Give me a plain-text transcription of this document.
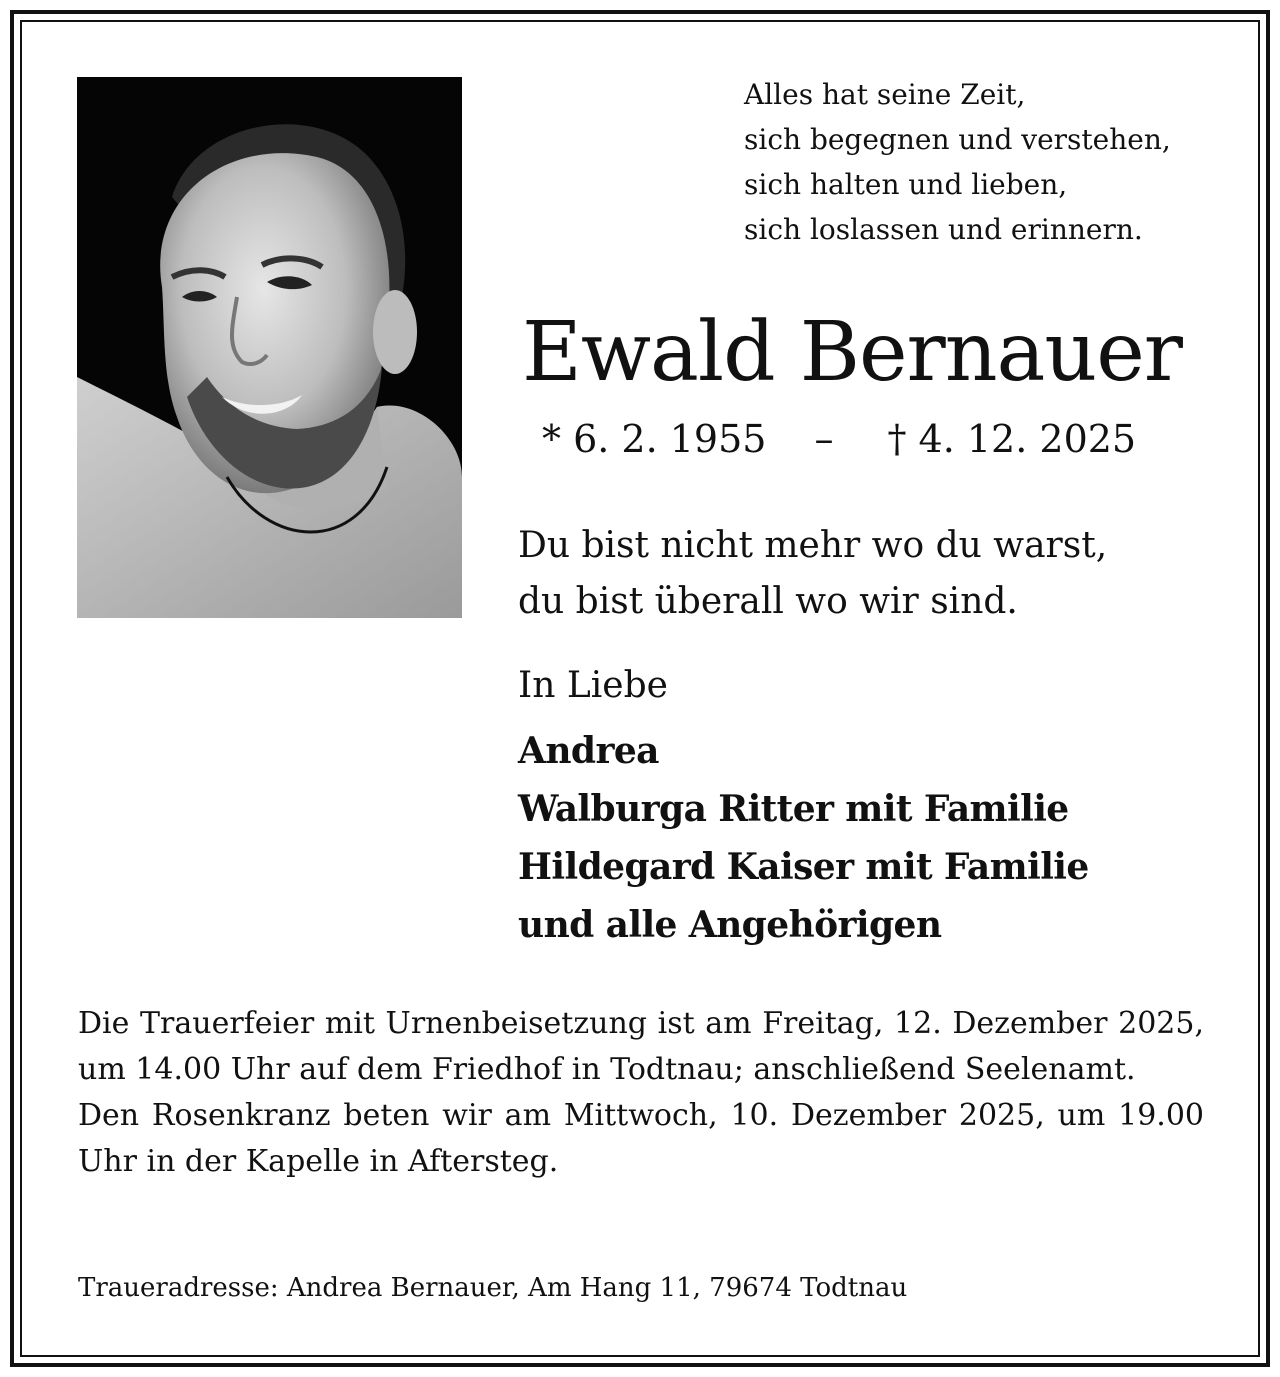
Alles hat seine Zeit,
sich begegnen und verstehen,
sich halten und lieben,
sich loslassen und erinnern.
Ewald Bernauer
* 6. 2. 1955 – † 4. 12. 2025
Du bist nicht mehr wo du warst,
du bist überall wo wir sind.
In Liebe
Andrea
Walburga Ritter mit Familie
Hildegard Kaiser mit Familie
und alle Angehörigen

Die Trauerfeier mit Urnenbeisetzung ist am Freitag, 12. Dezember 2025, um 14.00 Uhr auf dem Friedhof in Todtnau; anschließend Seelenamt.

Den Rosenkranz beten wir am Mittwoch, 10. Dezember 2025, um 19.00 Uhr in der Kapelle in Aftersteg.

Traueradresse: Andrea Bernauer, Am Hang 11, 79674 Todtnau
